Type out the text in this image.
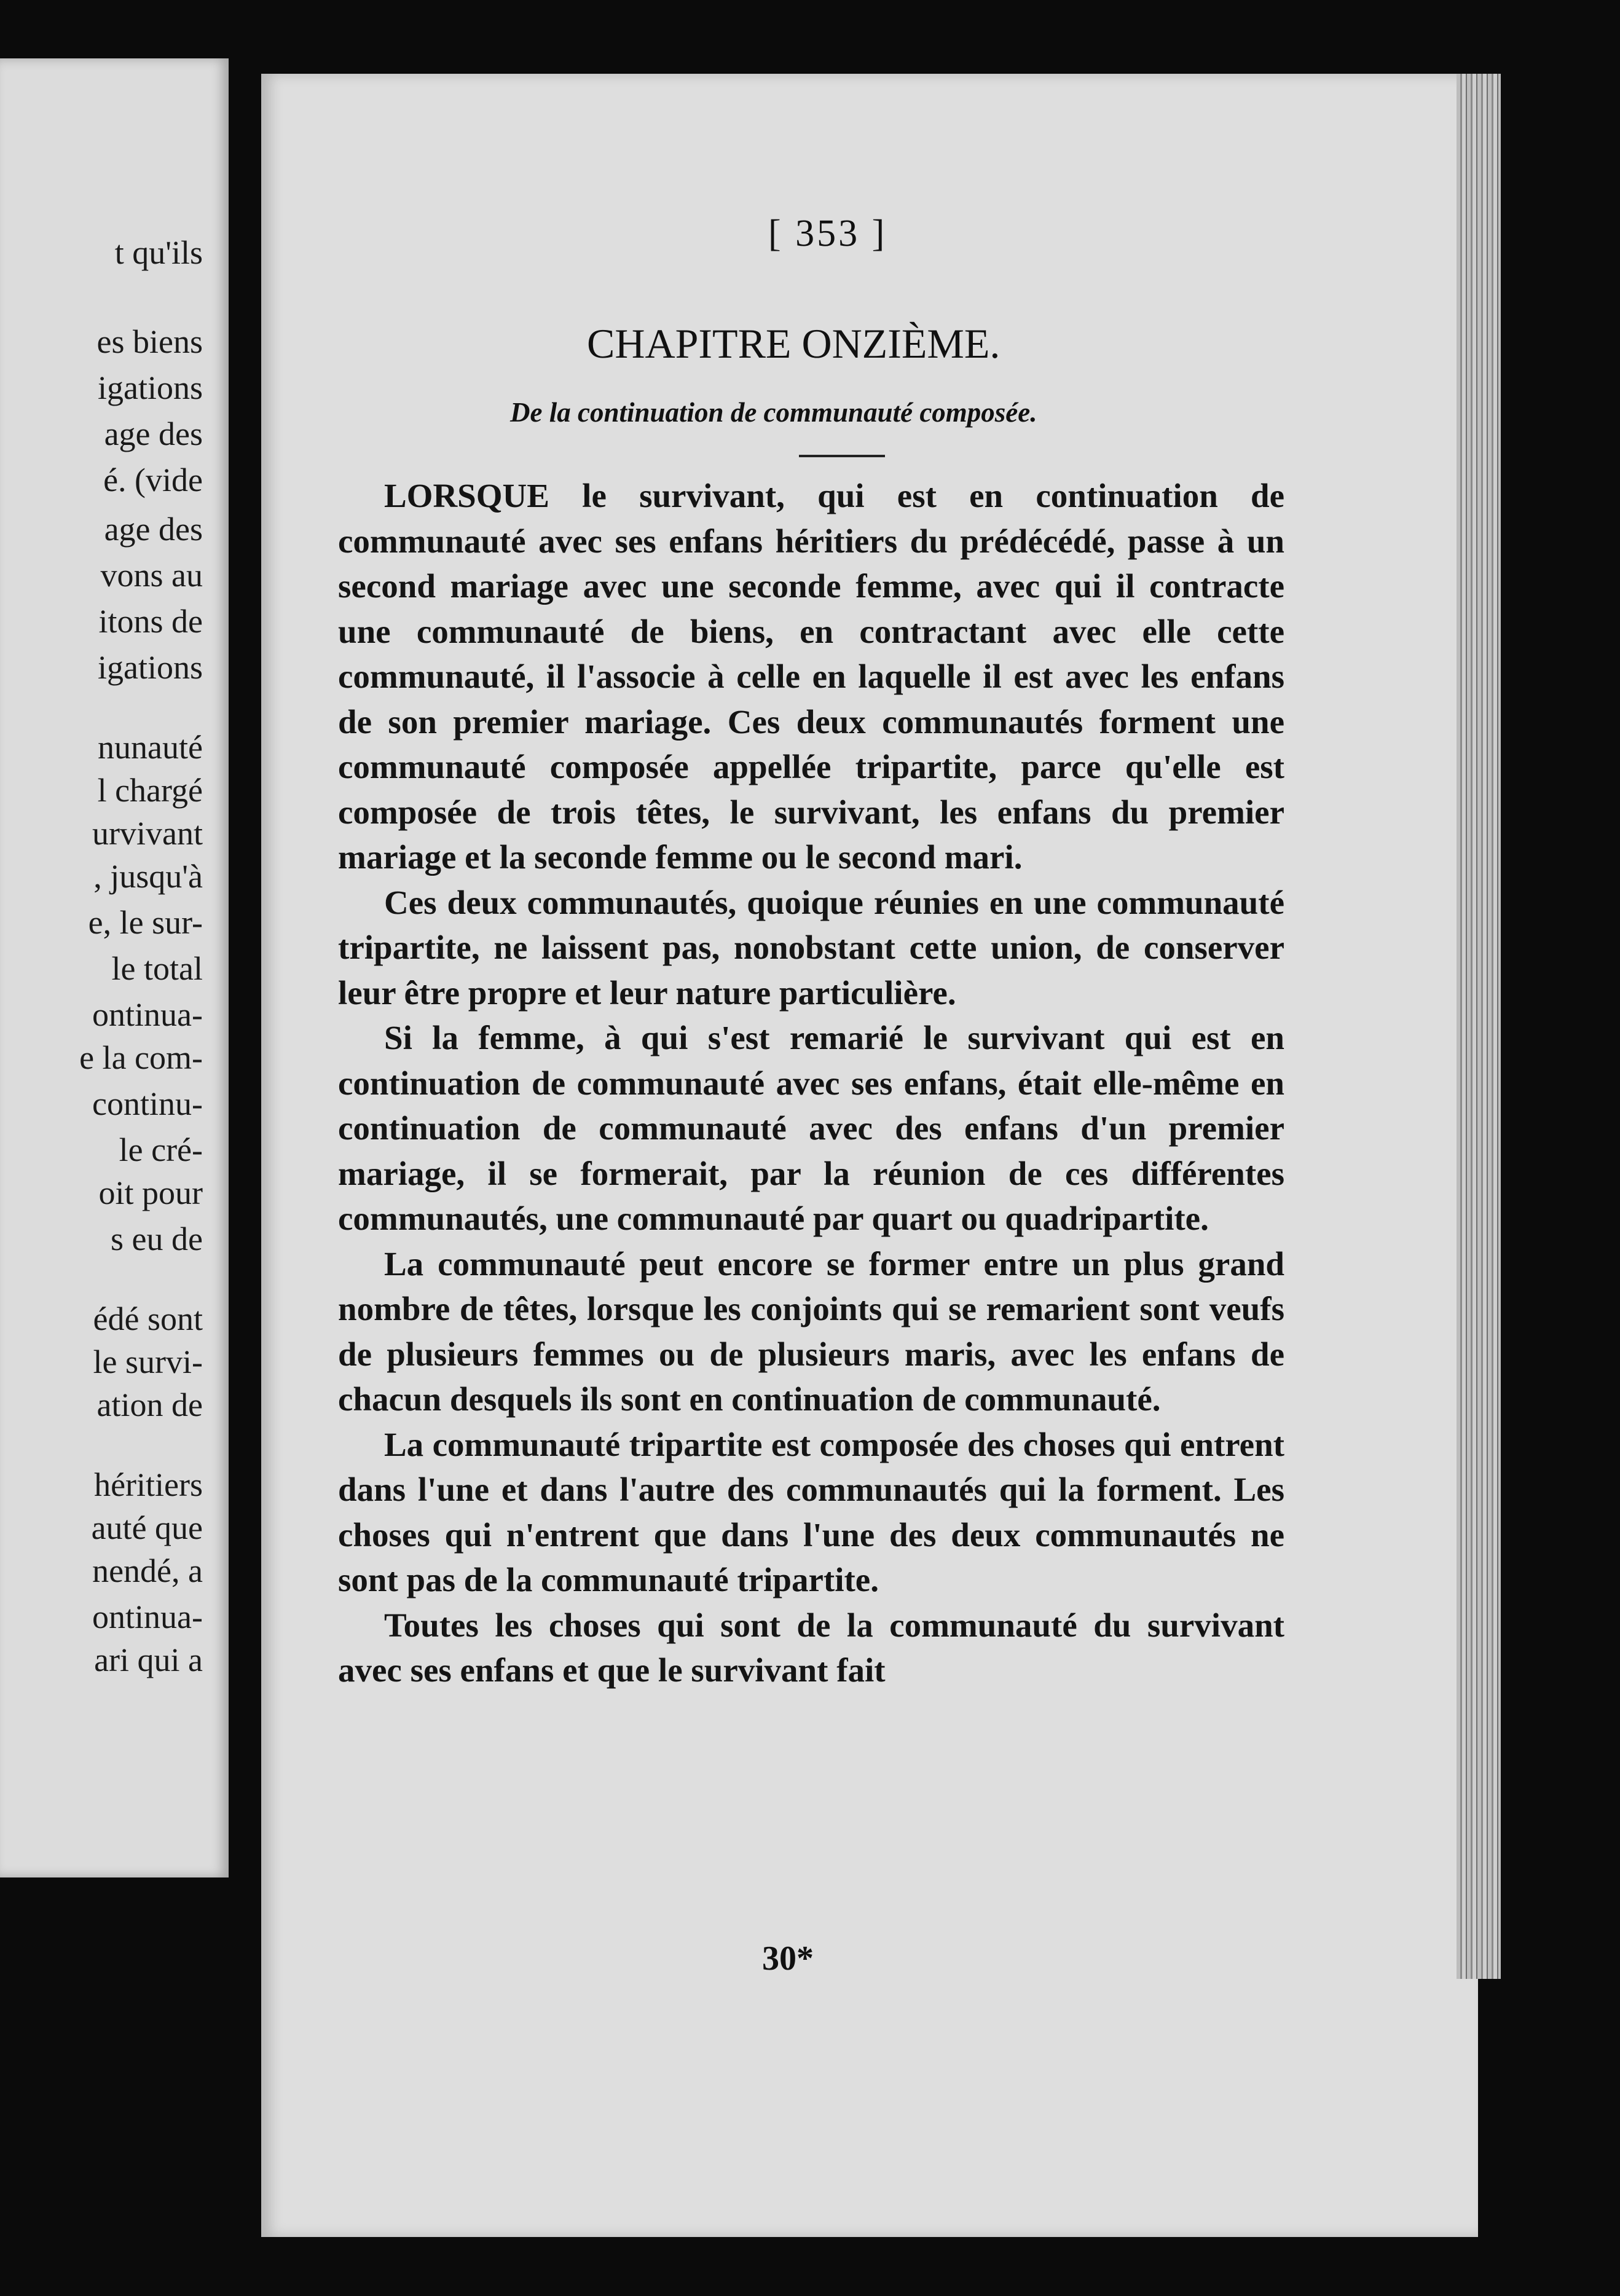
t qu'ils
es biens
igations
age des
é. (vide
age des
vons au
itons de
igations
nunauté
l chargé
urvivant
, jusqu'à
e, le sur-
le total
ontinua-
e la com-
continu-
le cré-
oit pour
s eu de
édé sont
le survi-
ation de
héritiers
auté que
nendé, a
ontinua-
ari qui a
[ 353 ]
CHAPITRE ONZIÈME.
De la continuation de communauté composée.

LORSQUE le survivant, qui est en continuation de communauté avec ses enfans héritiers du prédécédé, passe à un second mariage avec une seconde femme, avec qui il contracte une communauté de biens, en contractant avec elle cette communauté, il l'associe à celle en laquelle il est avec les enfans de son premier mariage. Ces deux communautés forment une communauté composée appellée tripartite, parce qu'elle est composée de trois têtes, le survivant, les enfans du premier mariage et la seconde femme ou le second mari.

Ces deux communautés, quoique réunies en une communauté tripartite, ne laissent pas, nonobstant cette union, de conserver leur être propre et leur nature particulière.

Si la femme, à qui s'est remarié le survivant qui est en continuation de communauté avec ses enfans, était elle-même en continuation de communauté avec des enfans d'un premier mariage, il se formerait, par la réunion de ces différentes communautés, une communauté par quart ou quadripartite.

La communauté peut encore se former entre un plus grand nombre de têtes, lorsque les conjoints qui se remarient sont veufs de plusieurs femmes ou de plusieurs maris, avec les enfans de chacun desquels ils sont en continuation de communauté.

La communauté tripartite est composée des choses qui entrent dans l'une et dans l'autre des communautés qui la forment. Les choses qui n'entrent que dans l'une des deux communautés ne sont pas de la communauté tripartite.

Toutes les choses qui sont de la communauté du survivant avec ses enfans et que le survivant fait

30*
